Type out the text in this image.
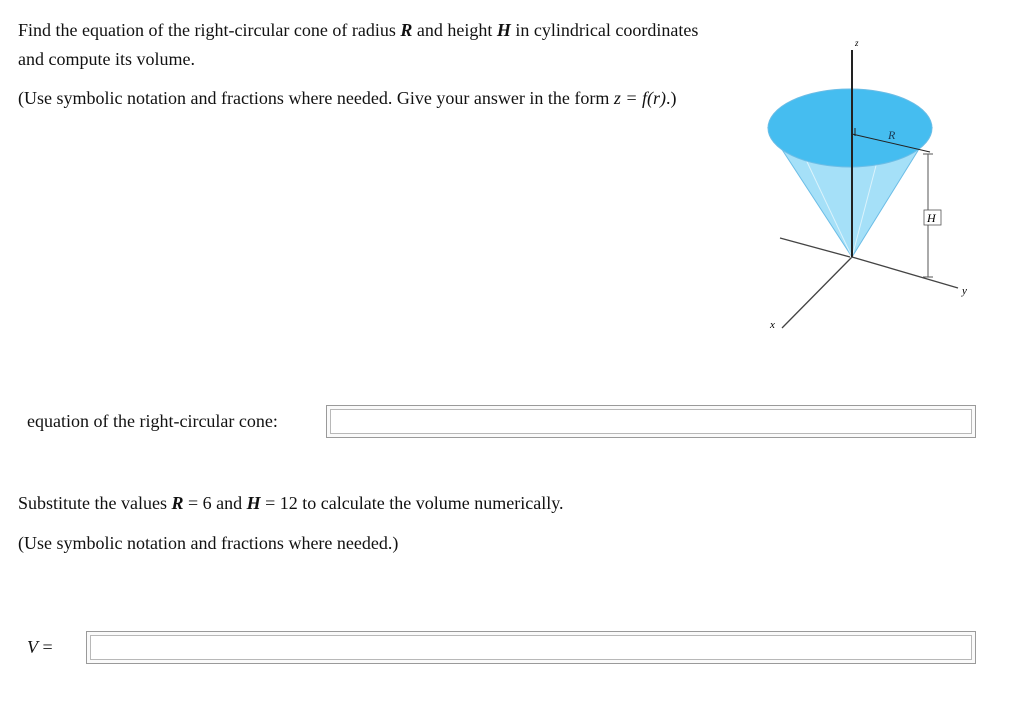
Find the equation of the right-circular cone of radius R and height H in cylindrical coordinates and compute its volume.

(Use symbolic notation and fractions where needed. Give your answer in the form z = f(r).)

z
x
y
R
H
equation of the right-circular cone:

Substitute the values R = 6 and H = 12 to calculate the volume numerically.

(Use symbolic notation and fractions where needed.)

V =
